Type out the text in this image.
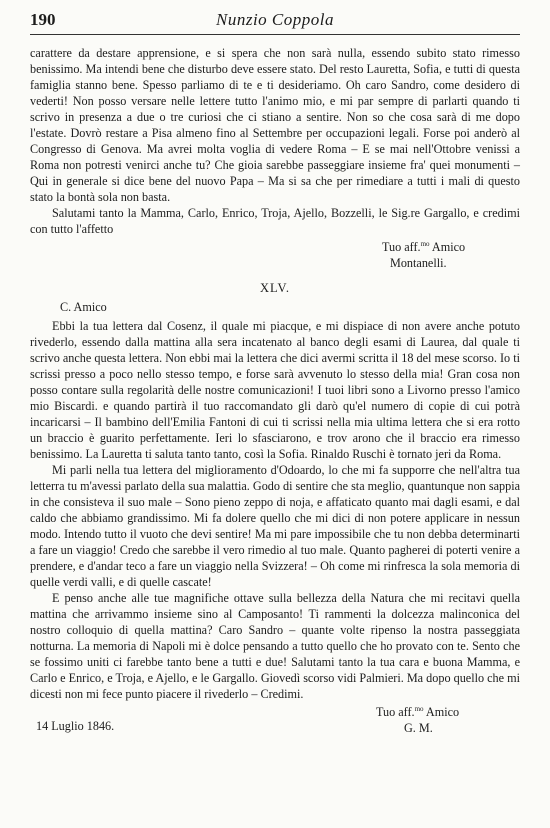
190	Nunzio Coppola

carattere da destare apprensione, e si spera che non sarà nulla, essendo subito stato rimesso benissimo. Ma intendi bene che disturbo deve essere stato. Del resto Lauretta, Sofia, e tutti di questa famiglia stanno bene. Spesso parliamo di te e ti desideriamo. Oh caro Sandro, come desidero di vederti! Non posso versare nelle lettere tutto l'animo mio, e mi par sempre di parlarti quando ti scrivo in presenza a due o tre curiosi che ci stiano a sentire. Non so che cosa sarà di me dopo l'estate. Dovrò restare a Pisa almeno fino al Settembre per occupazioni legali. Forse poi anderò al Congresso di Genova. Ma avrei molta voglia di vedere Roma – E se mai nell'Ottobre venissi a Roma non potresti venirci anche tu? Che gioia sarebbe passeggiare insieme fra' quei monumenti – Qui in generale si dice bene del nuovo Papa – Ma si sa che per rimediare a tutti i mali di questo stato la bontà sola non basta.

Salutami tanto la Mamma, Carlo, Enrico, Troja, Ajello, Bozzelli, le Sig.re Gargallo, e credimi con tutto l'affetto

Tuo aff.$^{mo}$ Amico
Montanelli.
XLV.
C. Amico

Ebbi la tua lettera dal Cosenz, il quale mi piacque, e mi dispiace di non avere anche potuto rivederlo, essendo dalla mattina alla sera incatenato al banco degli esami di Laurea, dal quale ti scrivo anche questa lettera. Non ebbi mai la lettera che dici avermi scritta il 18 del mese scorso. Io ti scrissi presso a poco nello stesso tempo, e forse sarà avvenuto lo stesso della mia! Gran cosa non posso contare sulla regolarità delle nostre comunicazioni! I tuoi libri sono a Livorno presso l'amico mio Biscardi. e quando partirà il tuo raccomandato gli darò qu'el numero di copie di cui potrà incaricarsi – Il bambino dell'Emilia Fantoni di cui ti scrissi nella mia ultima lettera che si era rotto un braccio è guarito perfettamente. Ieri lo sfasciarono, e trov arono che il braccio era rimesso benissimo. La Lauretta ti saluta tanto tanto, così la Sofia. Rinaldo Ruschi è tornato jeri da Roma.

Mi parli nella tua lettera del miglioramento d'Odoardo, lo che mi fa supporre che nell'altra tua letterra tu m'avessi parlato della sua malattia. Godo di sentire che sta meglio, quantunque non sappia in che consisteva il suo male – Sono pieno zeppo di noja, e affaticato quanto mai dagli esami, e dal caldo che abbiamo grandissimo. Mi fa dolere quello che mi dici di non potere applicare in nessun modo. Intendo tutto il vuoto che devi sentire! Ma mi pare impossibile che tu non debba determinarti a fare un viaggio! Credo che sarebbe il vero rimedio al tuo male. Quanto pagherei di poterti venire a prendere, e d'andar teco a fare un viaggio nella Svizzera! – Oh come mi rinfresca la sola memoria di quelle verdi valli, e di quelle cascate!

E penso anche alle tue magnifiche ottave sulla bellezza della Natura che mi recitavi quella mattina che arrivammo insieme sino al Camposanto! Ti rammenti la dolcezza malinconica del nostro colloquio di quella mattina? Caro Sandro – quante volte ripenso la nostra passeggiata notturna. La memoria di Napoli mi è dolce pensando a tutto quello che ho provato con te. Sento che se fossimo uniti ci farebbe tanto bene a tutti e due! Salutami tanto la tua cara e buona Mamma, e Carlo e Enrico, e Troja, e Ajello, e le Gargallo. Giovedì scorso vidi Palmieri. Ma dopo quello che mi dicesti non mi fece punto piacere il rivederlo – Credimi.

14 Luglio 1846.
Tuo aff.$^{mo}$ Amico
G. M.
